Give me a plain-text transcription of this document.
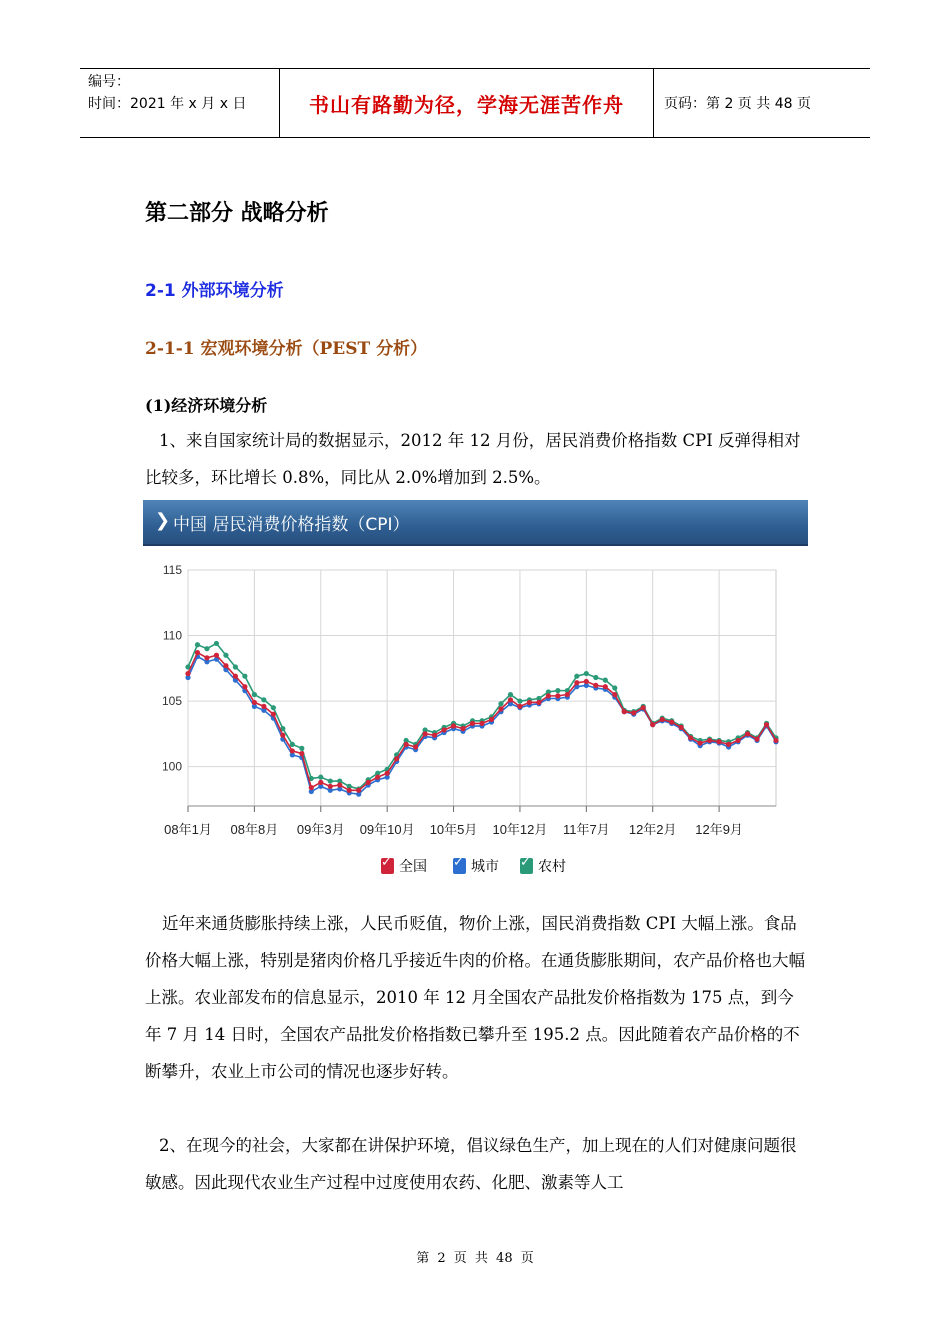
编号：
时间：2021 年 x 月 x 日	书山有路勤为径，学海无涯苦作舟	页码：第 2 页 共 48 页
第二部分 战略分析
2-1 外部环境分析
2-1-1 宏观环境分析（PEST 分析）
(1)经济环境分析

1、来自国家统计局的数据显示，2012 年 12 月份，居民消费价格指数 CPI 反弹得相对比较多，环比增长 0.8%，同比从 2.0%增加到 2.5%。

❯ 中国 居民消费价格指数（CPI）
100
105
110
115
08年1月 08年8月 09年3月 09年10月 10年5月 10年12月 11年7月 12年2月 12年9月
✓
全国 ✓	城市 ✓	农村

近年来通货膨胀持续上涨，人民币贬值，物价上涨，国民消费指数 CPI 大幅上涨。食品价格大幅上涨，特别是猪肉价格几乎接近牛肉的价格。在通货膨胀期间，农产品价格也大幅上涨。农业部发布的信息显示，2010 年 12 月全国农产品批发价格指数为 175 点，到今年 7 月 14 日时，全国农产品批发价格指数已攀升至 195.2 点。因此随着农产品价格的不断攀升，农业上市公司的情况也逐步好转。

2、在现今的社会，大家都在讲保护环境，倡议绿色生产，加上现在的人们对健康问题很敏感。因此现代农业生产过程中过度使用农药、化肥、激素等人工

第 2 页 共 48 页
